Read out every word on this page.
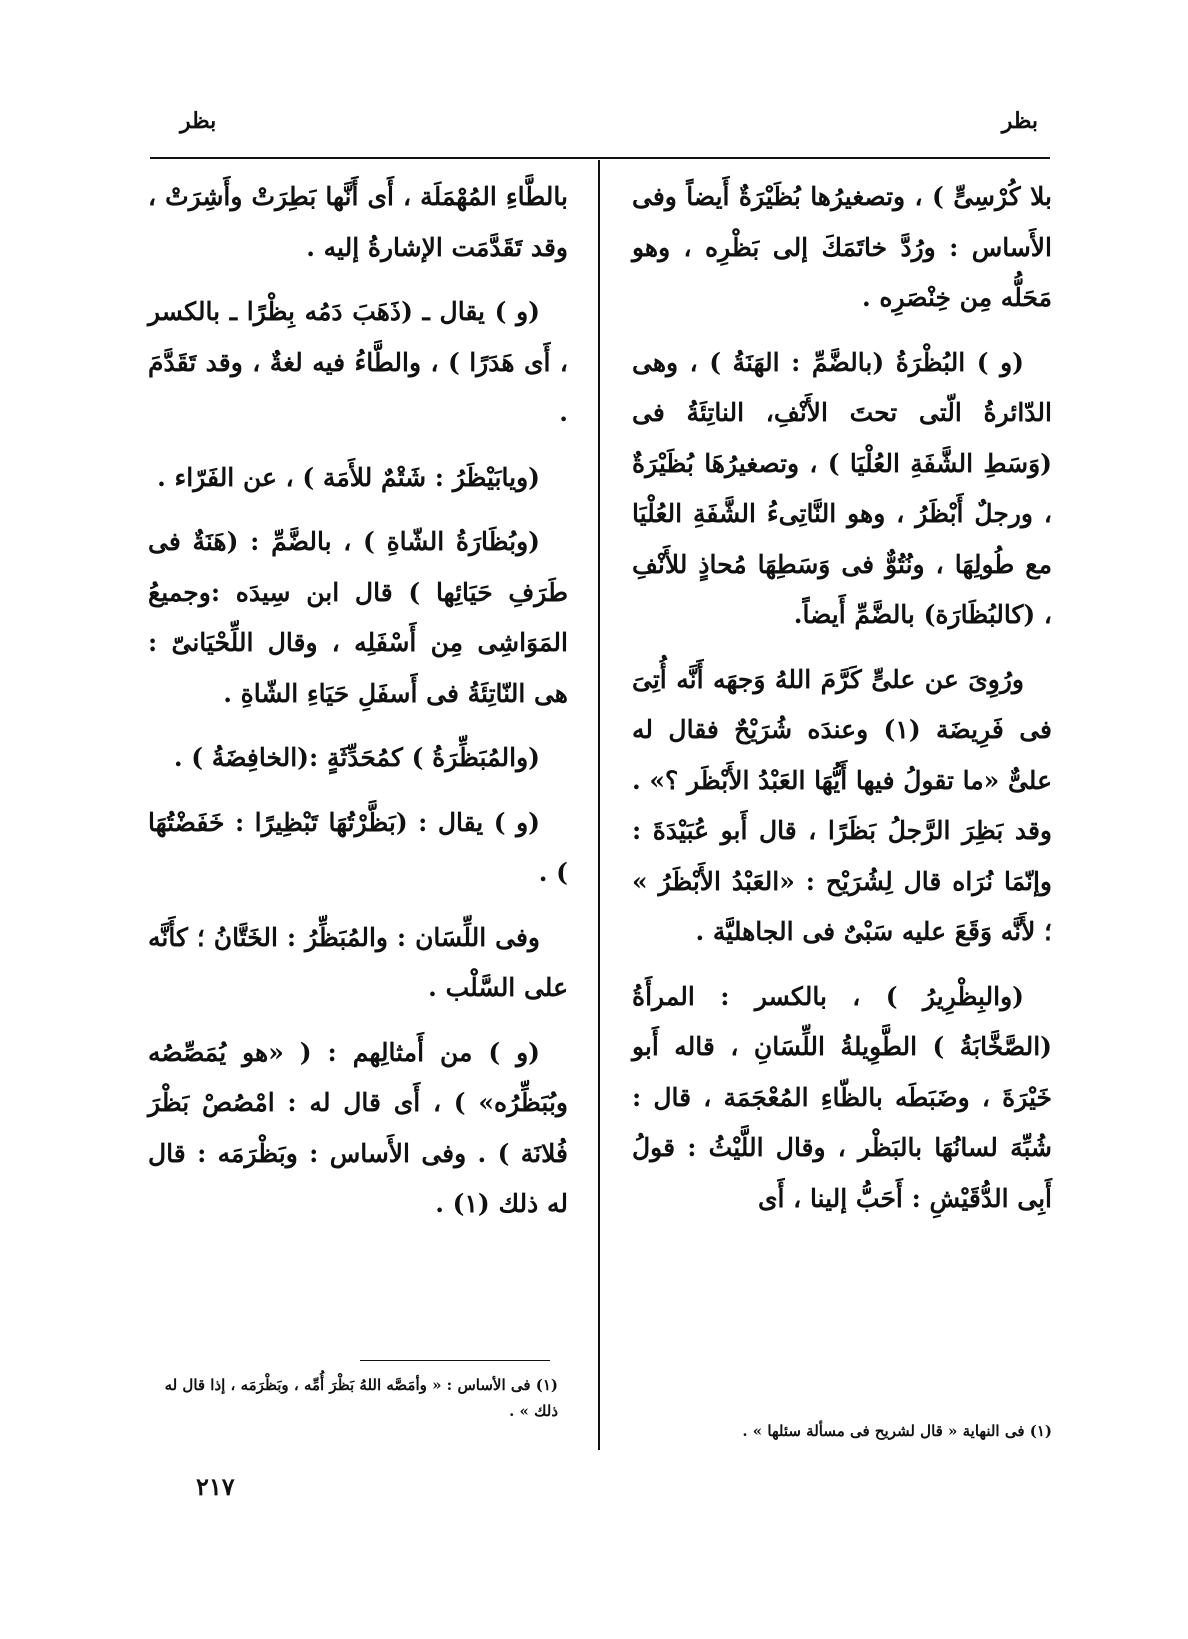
بظر
بظر

بلا كُرْسِىٍّ ) ، وتصغيرُها بُظَيْرَةٌ أَيضاً وفى الأَساس : ورُدَّ خاتَمَكَ إلى بَظْرِه ، وهو مَحَلُّه مِن خِنْصَرِه .

(و ) البُظْرَةُ (بالضَّمِّ : الهَنَةُ ) ، وهى الدّائرةُ الّتى تحتَ الأَنْفِ، الناتِئَةُ فى (وَسَطِ الشَّفَةِ العُلْيَا ) ، وتصغيرُهَا بُظَيْرَةٌ ، ورجلٌ أَبْظَرُ ، وهو النَّاتِىءُ الشَّفَةِ العُلْيَا مع طُولِهَا ، ونُتُوٌّ فى وَسَطِهَا مُحاذٍ للأَنْفِ ، (كالبُظَارَة) بالضَّمِّ أَيضاً.

ورُوِىَ عن علىٍّ كَرَّمَ اللهُ وَجهَه أَنَّه أُتِىَ فى فَرِيضَة (١) وعندَه شُرَيْحٌ فقال له علىٌّ «ما تقولُ فيها أَيُّهَا العَبْدُ الأَبْظَر ؟» . وقد بَظِرَ الرَّجلُ بَظَرًا ، قال أَبو عُبَيْدَةَ : وإنّمَا نُرَاه قال لِشُرَيْح : «العَبْدُ الأَبْظَرُ » ؛ لأَنَّه وَقَعَ عليه سَبْىٌ فى الجاهليَّة .

(والبِظْرِيرُ ) ، بالكسر : المرأَةُ (الصَّخَّابَةُ ) الطَّوِيلةُ اللِّسَانِ ، قاله أَبو خَيْرَةَ ، وضَبَطَه بالظّاءِ المُعْجَمَة ، قال : شُبِّهَ لسانُهَا بالبَظْر ، وقال اللَّيْثُ : قولُ أَبِى الدُّقَيْشِ : أَحَبُّ إلينا ، أَى

بالطَّاءِ المُهْمَلَة ، أَى أَنَّها بَطِرَتْ وأَشِرَتْ ، وقد تَقَدَّمَت الإشارةُ إليه .

(و ) يقال ـ (ذَهَبَ دَمُه بِظْرًا ـ بالكسر ، أَى هَدَرًا ) ، والطَّاءُ فيه لغةٌ ، وقد تَقَدَّمَ .

(ويابَيْظَرُ : شَتْمٌ للأَمَة ) ، عن الفَرّاء .

(وبُظَارَةُ الشّاةِ ) ، بالضَّمِّ : (هَنَةٌ فى طَرَفِ حَيَائِها ) قال ابن سِيدَه :وجميعُ المَوَاشِى مِن أَسْفَلِه ، وقال اللِّحْيَانىّ : هى النّاتِئَةُ فى أَسفَلِ حَيَاءِ الشّاةِ .

(والمُبَظِّرَةُ ) كمُحَدِّثَةٍ :(الخافِضَةُ ) .

(و ) يقال : (بَظَّرْتُهَا تَبْظِيرًا : خَفَضْتُهَا ) .

وفى اللِّسَان : والمُبَظِّرُ : الخَتَّانُ ؛ كأَنَّه على السَّلْب .

(و ) من أَمثالِهم : ( «هو يُمَصِّصُه وبُبَظِّرُه» ) ، أَى قال له : امْصُصْ بَظْرَ فُلانَة ) . وفى الأَساس : وبَظْرَمَه : قال له ذلك (١) .

(١) فى الأساس : « وأمَصَّه اللهُ بَظْرَ أُمِّه ، وبَظْرَمَه ، إذا قال له ذلك » .
(١) فى النهاية « قال لشريح فى مسألة سئلها » .
٢١٧
